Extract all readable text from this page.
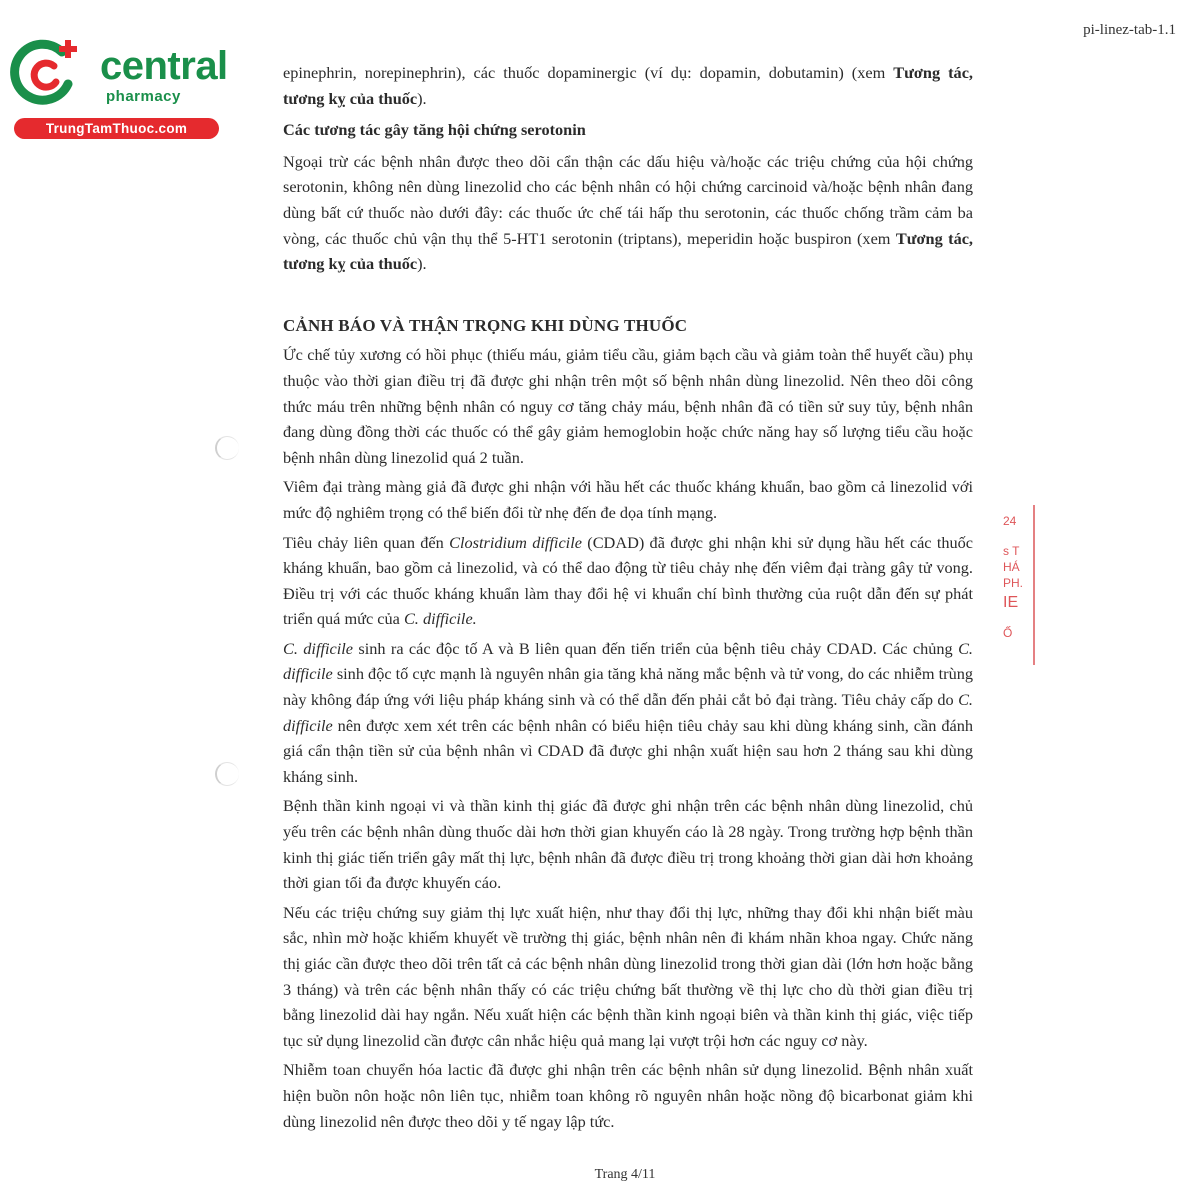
central
pharmacy
TrungTamThuoc.com
pi-linez-tab-1.1
24
s T
HÁ
PH.
IE
Ố

epinephrin, norepinephrin), các thuốc dopaminergic (ví dụ: dopamin, dobutamin) (xem Tương tác, tương kỵ của thuốc).

Các tương tác gây tăng hội chứng serotonin

Ngoại trừ các bệnh nhân được theo dõi cẩn thận các dấu hiệu và/hoặc các triệu chứng của hội chứng serotonin, không nên dùng linezolid cho các bệnh nhân có hội chứng carcinoid và/hoặc bệnh nhân đang dùng bất cứ thuốc nào dưới đây: các thuốc ức chế tái hấp thu serotonin, các thuốc chống trầm cảm ba vòng, các thuốc chủ vận thụ thể 5-HT1 serotonin (triptans), meperidin hoặc buspiron (xem Tương tác, tương kỵ của thuốc).

CẢNH BÁO VÀ THẬN TRỌNG KHI DÙNG THUỐC

Ức chế tủy xương có hồi phục (thiếu máu, giảm tiểu cầu, giảm bạch cầu và giảm toàn thể huyết cầu) phụ thuộc vào thời gian điều trị đã được ghi nhận trên một số bệnh nhân dùng linezolid. Nên theo dõi công thức máu trên những bệnh nhân có nguy cơ tăng chảy máu, bệnh nhân đã có tiền sử suy tủy, bệnh nhân đang dùng đồng thời các thuốc có thể gây giảm hemoglobin hoặc chức năng hay số lượng tiểu cầu hoặc bệnh nhân dùng linezolid quá 2 tuần.

Viêm đại tràng màng giả đã được ghi nhận với hầu hết các thuốc kháng khuẩn, bao gồm cả linezolid với mức độ nghiêm trọng có thể biến đổi từ nhẹ đến đe dọa tính mạng.

Tiêu chảy liên quan đến Clostridium difficile (CDAD) đã được ghi nhận khi sử dụng hầu hết các thuốc kháng khuẩn, bao gồm cả linezolid, và có thể dao động từ tiêu chảy nhẹ đến viêm đại tràng gây tử vong. Điều trị với các thuốc kháng khuẩn làm thay đổi hệ vi khuẩn chí bình thường của ruột dẫn đến sự phát triển quá mức của C. difficile.

C. difficile sinh ra các độc tố A và B liên quan đến tiến triển của bệnh tiêu chảy CDAD. Các chủng C. difficile sinh độc tố cực mạnh là nguyên nhân gia tăng khả năng mắc bệnh và tử vong, do các nhiễm trùng này không đáp ứng với liệu pháp kháng sinh và có thể dẫn đến phải cắt bỏ đại tràng. Tiêu chảy cấp do C. difficile nên được xem xét trên các bệnh nhân có biểu hiện tiêu chảy sau khi dùng kháng sinh, cần đánh giá cẩn thận tiền sử của bệnh nhân vì CDAD đã được ghi nhận xuất hiện sau hơn 2 tháng sau khi dùng kháng sinh.

Bệnh thần kinh ngoại vi và thần kinh thị giác đã được ghi nhận trên các bệnh nhân dùng linezolid, chủ yếu trên các bệnh nhân dùng thuốc dài hơn thời gian khuyến cáo là 28 ngày. Trong trường hợp bệnh thần kinh thị giác tiến triển gây mất thị lực, bệnh nhân đã được điều trị trong khoảng thời gian dài hơn khoảng thời gian tối đa được khuyến cáo.

Nếu các triệu chứng suy giảm thị lực xuất hiện, như thay đổi thị lực, những thay đổi khi nhận biết màu sắc, nhìn mờ hoặc khiếm khuyết về trường thị giác, bệnh nhân nên đi khám nhãn khoa ngay. Chức năng thị giác cần được theo dõi trên tất cả các bệnh nhân dùng linezolid trong thời gian dài (lớn hơn hoặc bằng 3 tháng) và trên các bệnh nhân thấy có các triệu chứng bất thường về thị lực cho dù thời gian điều trị bằng linezolid dài hay ngắn. Nếu xuất hiện các bệnh thần kinh ngoại biên và thần kinh thị giác, việc tiếp tục sử dụng linezolid cần được cân nhắc hiệu quả mang lại vượt trội hơn các nguy cơ này.

Nhiễm toan chuyển hóa lactic đã được ghi nhận trên các bệnh nhân sử dụng linezolid. Bệnh nhân xuất hiện buồn nôn hoặc nôn liên tục, nhiễm toan không rõ nguyên nhân hoặc nồng độ bicarbonat giảm khi dùng linezolid nên được theo dõi y tế ngay lập tức.

Trang 4/11
